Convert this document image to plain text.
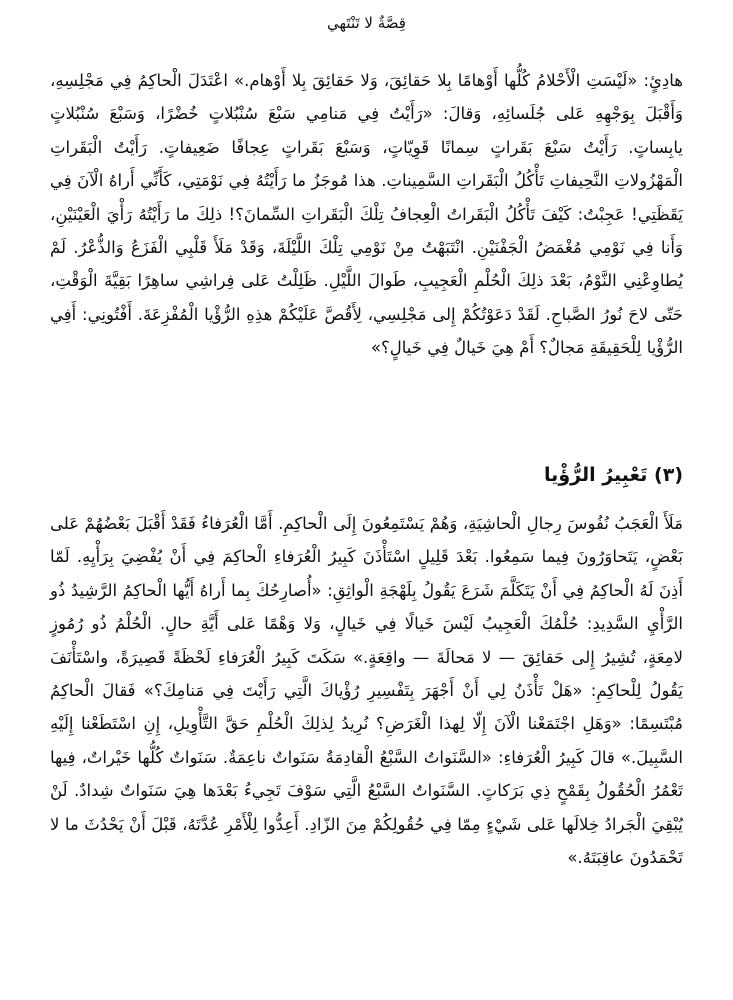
قِصَّةٌ لا تَنْتَهي

هادِئٍ: «لَيْسَتِ الْأَحْلامُ كُلُّها أَوْهامًا بِلا حَقائِقَ، وَلا حَقائِقَ بِلا أَوْهام.» اعْتَدَلَ الْحاكِمُ فِي مَجْلِسِهِ، وَأَقْبَلَ بِوَجْهِهِ عَلى جُلَسائِهِ، وَقالَ: «رَأَيْتُ فِي مَنامِي سَبْعَ سُنْبُلاتٍ خُضْرًا، وَسَبْعَ سُنْبُلاتٍ يابِساتٍ. رَأَيْتُ سَبْعَ بَقَراتٍ سِمانًا قَوِيّاتٍ، وَسَبْعَ بَقَراتٍ عِجافًا ضَعِيفاتٍ. رَأَيْتُ الْبَقَراتِ الْمَهْزُولاتِ النَّحِيفاتِ تَأْكُلُ الْبَقَراتِ السَّمِيناتِ. هذا مُوجَزُ ما رَأَيْتُهُ فِي نَوْمَتِي، كَأَنِّي أَراهُ الْآنَ فِي يَقَظَتِي! عَجِبْتُ: كَيْفَ تَأْكُلُ الْبَقَراتُ الْعِجافُ تِلْكَ الْبَقَراتِ السِّمانَ؟! ذلِكَ ما رَأَيْتُهُ رَأْيَ الْعَيْنَيْنِ، وَأَنا فِي نَوْمِي مُغْمَضُ الْجَفْنَيْنِ. انْتَبَهْتُ مِنْ نَوْمِي تِلْكَ اللَّيْلَةَ، وَقَدْ مَلَأَ قَلْبِي الْفَزَعُ وَالذُّعْرُ. لَمْ يُطاوِعْنِي النَّوْمُ، بَعْدَ ذلِكَ الْحُلْمِ الْعَجِيبِ، طَوالَ اللَّيْلِ. ظَلِلْتُ عَلى فِراشِي ساهِرًا بَقِيَّةَ الْوَقْتِ، حَتّى لاحَ نُورُ الصَّباحِ. لَقَدْ دَعَوْتُكُمْ إِلى مَجْلِسِي، لِأَقُصَّ عَلَيْكُمْ هذِهِ الرُّؤْيا الْمُفْزِعَةَ. أَفْتُونِي: أَفِي الرُّؤْيا لِلْحَقِيقَةِ مَجالٌ؟ أَمْ هِيَ خَيالٌ فِي خَيالٍ؟»

(٣) تَعْبِيرُ الرُّؤْيا

مَلَأَ الْعَجَبُ نُفُوسَ رِجالِ الْحاشِيَةِ، وَهُمْ يَسْتَمِعُونَ إِلَى الْحاكِمِ. أَمَّا الْعُرَفاءُ فَقَدْ أَقْبَلَ بَعْضُهُمْ عَلى بَعْضٍ، يَتَحاوَرُونَ فِيما سَمِعُوا. بَعْدَ قَلِيلٍ اسْتَأْذَنَ كَبِيرُ الْعُرَفاءِ الْحاكِمَ فِي أَنْ يُفْضِيَ بِرَأْيِهِ. لَمّا أَذِنَ لَهُ الْحاكِمُ فِي أَنْ يَتَكَلَّمَ شَرَعَ يَقُولُ بِلَهْجَةِ الْواثِقِ: «أُصارِحُكَ بِما أَراهُ أَيُّها الْحاكِمُ الرَّشِيدُ ذُو الرَّأْيِ السَّدِيدِ: حُلْمُكَ الْعَجِيبُ لَيْسَ خَيالًا فِي خَيالٍ، وَلا وَهْمًا عَلى أَيَّةِ حالٍ. الْحُلْمُ ذُو رُمُوزٍ لامِعَةٍ، تُشِيرُ إِلى حَقائِقَ — لا مَحالَةَ — واقِعَةٍ.» سَكَتَ كَبِيرُ الْعُرَفاءِ لَحْظَةً قَصِيرَةً، واسْتَأْنَفَ يَقُولُ لِلْحاكِمِ: «هَلْ تَأْذَنُ لِي أَنْ أَجْهَرَ بِتَفْسِيرِ رُؤْياكَ الَّتِي رَأَيْتَ فِي مَنامِكَ؟» فَقالَ الْحاكِمُ مُبْتَسِمًا: «وَهَلِ اجْتَمَعْنا الْآنَ إِلّا لِهذا الْغَرَضِ؟ نُرِيدُ لِذلِكَ الْحُلْمِ حَقَّ التَّأْوِيلِ، إِنِ اسْتَطَعْنا إِلَيْهِ السَّبِيلَ.» قالَ كَبِيرُ الْعُرَفاءِ: «السَّنَواتُ السَّبْعُ الْقادِمَةُ سَنَواتٌ ناعِمَةٌ. سَنَواتٌ كُلُّها خَيْراتٌ، فِيها تَعْمُرُ الْحُقُولُ بِقَمْحٍ ذِي بَرَكاتٍ. السَّنَواتُ السَّبْعُ الَّتِي سَوْفَ تَجِيءُ بَعْدَها هِيَ سَنَواتٌ شِدادٌ. لَنْ يُبْقِيَ الْجَرادُ خِلالَها عَلى شَيْءٍ مِمّا فِي حُقُولِكُمْ مِنَ الزّادِ. أَعِدُّوا لِلْأَمْرِ عُدَّتَهُ، قَبْلَ أَنْ يَحْدُثَ ما لا تَحْمَدُونَ عاقِبَتَهُ.»
